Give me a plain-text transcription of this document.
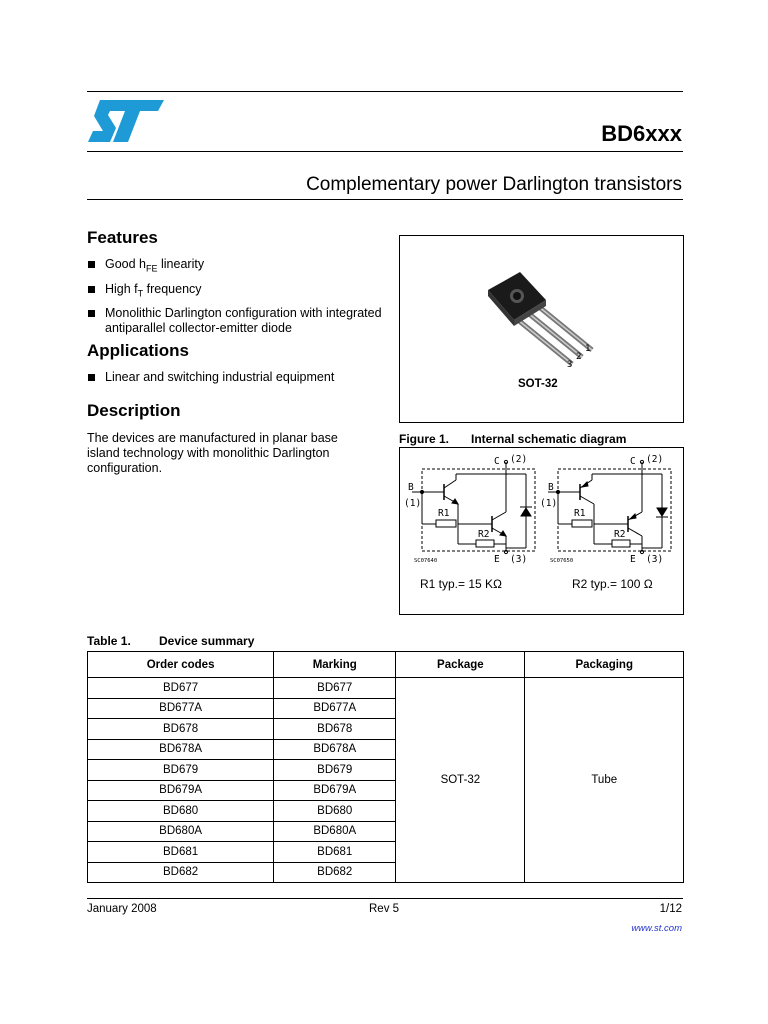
BD6xxx
Complementary power Darlington transistors
Features
Good $h_{FE}$ linearity
High $f_T$ frequency
Monolithic Darlington configuration with integrated antiparallel collector-emitter diode
Applications
Linear and switching industrial equipment
Description
The devices are manufactured in planar base island technology with monolithic Darlington configuration.
1
2
3
SOT-32
Figure 1. Internal schematic diagram
B
(1)
C (2)
E (3)
R1
R2
SC07640
B
(1)
C (2)
E (3)
R1
R2
SC07650
R1 typ.= 15 KΩ	R2 typ.= 100 Ω
Table 1. Device summary
Order codes	Marking	Package	Packaging
BD677	BD677	SOT-32	Tube
BD677A	BD677A		
BD678	BD678		
BD678A	BD678A		
BD679	BD679		
BD679A	BD679A		
BD680	BD680		
BD680A	BD680A		
BD681	BD681		
BD682	BD682		
January 2008	Rev 5	1/12
www.st.com
